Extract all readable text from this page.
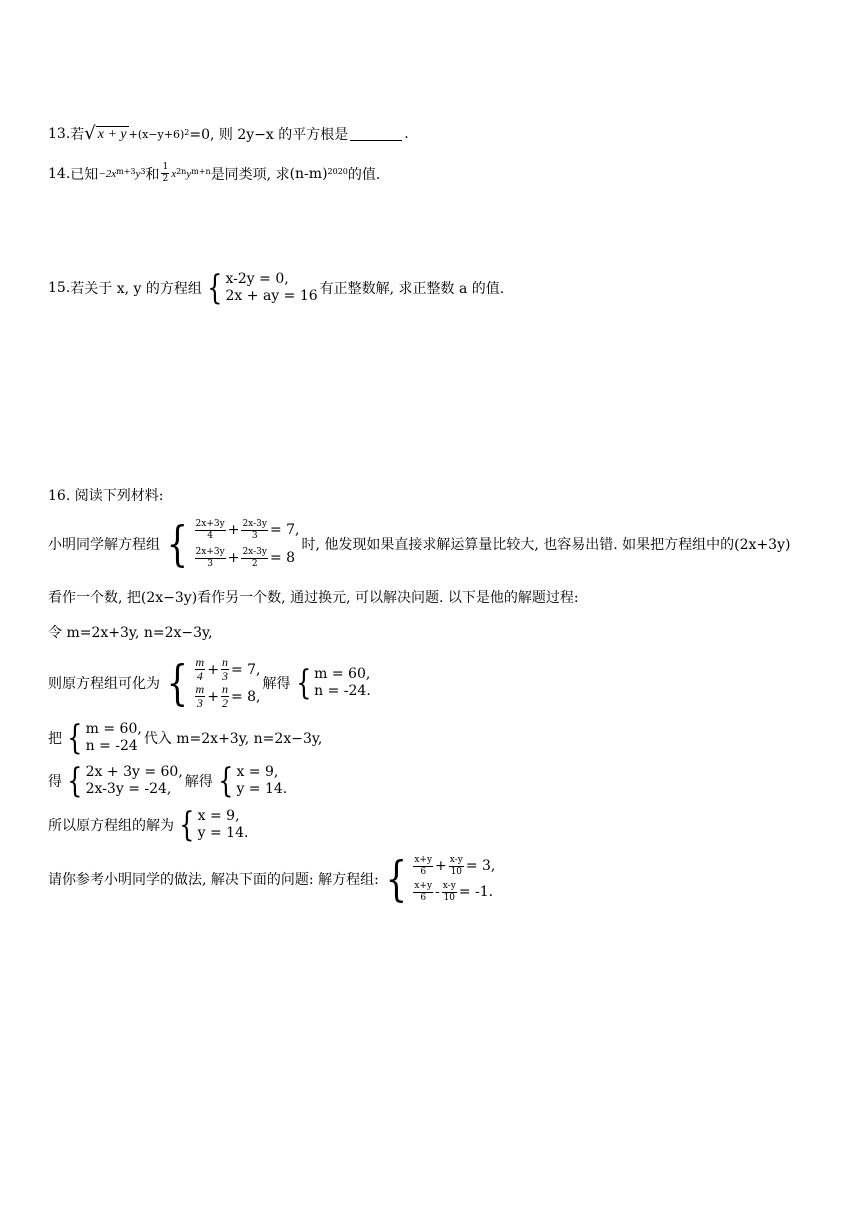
13. 若 √ x + y +(x−y+6) 2 =0, 则 2y−x 的平方根是	.
14. 已知 −2x m+3 y 3 和 $\frac{1}{2}$ x 2n y m+n 是同类项, 求 (n-m) 2020 的值.
15. 若关于 x, y 的方程组 { x-2y = 0,
2x + ay = 16 有正整数解, 求正整数 a 的值.
16. 阅读下列材料:
小明同学解方程组 { $\frac{2x+3y}{4} + \frac{2x-3y}{3} = 7$,
$\frac{2x+3y}{3} + \frac{2x-3y}{2} = 8$
时, 他发现如果直接求解运算量比较大, 也容易出错. 如果把方程组中的(2x+3y)
看作一个数, 把(2x−3y)看作另一个数, 通过换元, 可以解决问题. 以下是他的解题过程:
令 m=2x+3y, n=2x−3y,
则原方程组可化为 { $\frac{m}{4} + \frac{n}{3} = 7$,
$\frac{m}{3} + \frac{n}{2} = 8$,
解得 { m = 60,
n = -24.
把 { m = 60,
n = -24 代入 m=2x+3y, n=2x−3y,
得 { 2x + 3y = 60,
2x-3y = -24, 解得 { x = 9,
y = 14.
所以原方程组的解为 { x = 9,
y = 14.
请你参考小明同学的做法, 解决下面的问题: 解方程组: { $\frac{x+y}{6} + \frac{x-y}{10} = 3$,
$\frac{x+y}{6} - \frac{x-y}{10} = -1$.
